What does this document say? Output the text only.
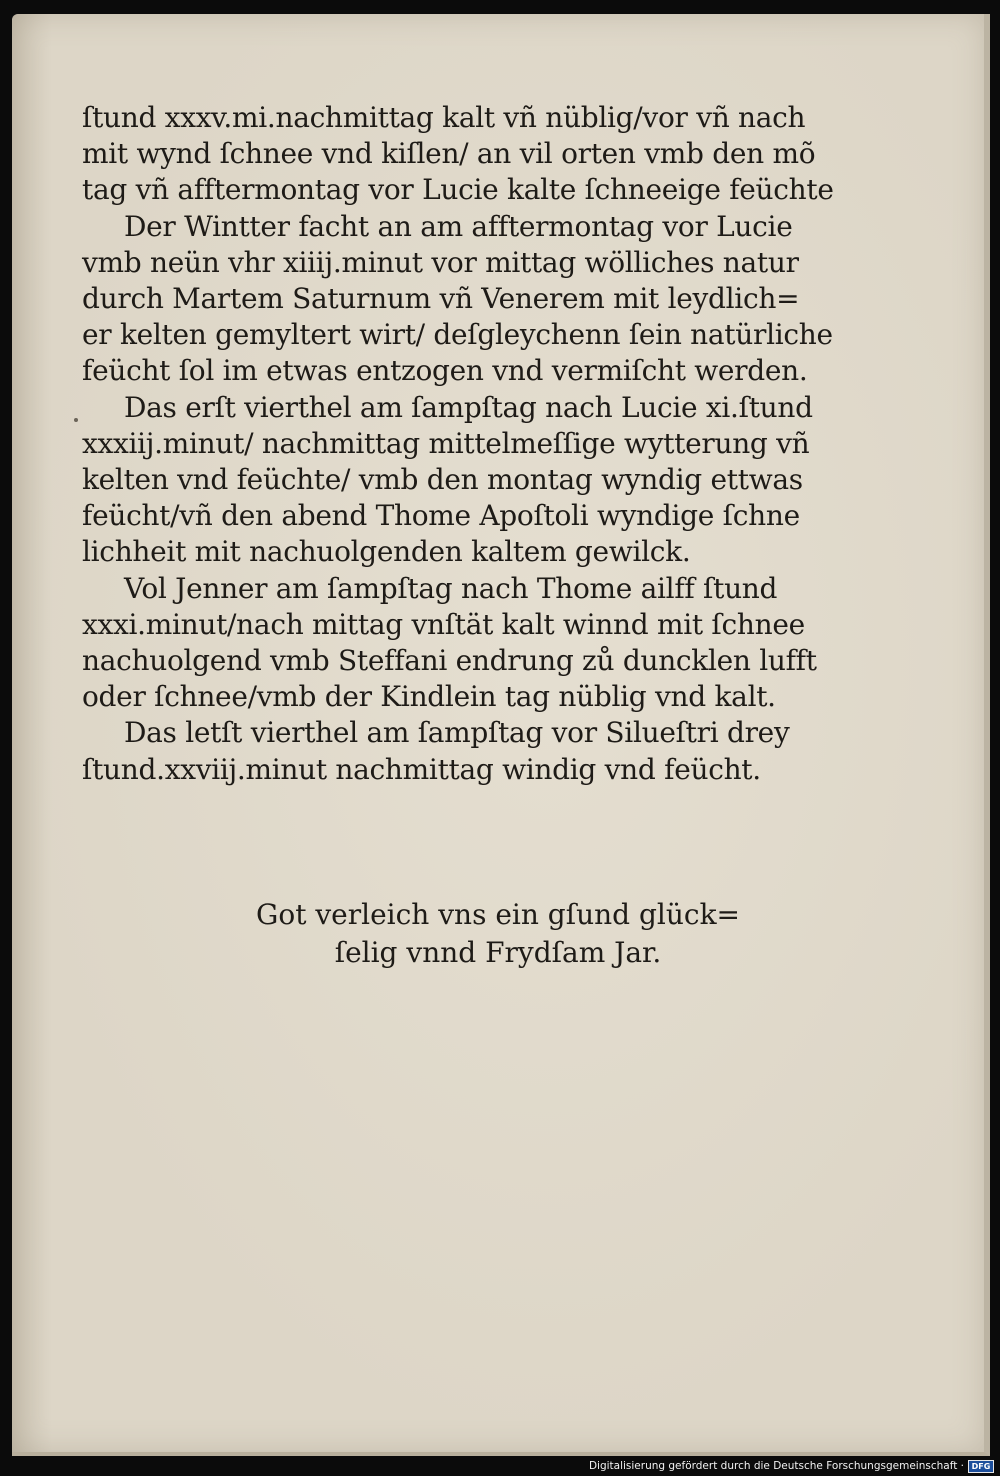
ſtund xxxv.mi.nachmittag kalt vñ nüblig/vor vñ nach
mit wynd ſchnee vnd kiſlen/ an vil orten vmb den mõ
tag vñ afftermontag vor Lucie kalte ſchneeige feüchte
Der Wintter facht an am afftermontag vor Lucie
vmb neün vhr xiiij.minut vor mittag wöllіches natur
durch Martem Saturnum vñ Venerem mit leydlich=
er kelten gemyltert wirt/ deſgleychenn ſein natürliche
feücht ſol im etwas entzogen vnd vermiſcht werden.
Das erſt vierthel am ſampſtag nach Lucie xi.ſtund
xxxiij.minut/ nachmittag mittelmeſſige wytterung vñ
kelten vnd feüchte/ vmb den montag wyndig ettwas
feücht/vñ den abend Thome Apoſtoli wyndige ſchne
lichheit mit nachuolgenden kaltem gewilck.
Vol Jenner am ſampſtag nach Thome ailff ſtund
xxxi.minut/nach mittag vnſtät kalt winnd mit ſchnee
nachuolgend vmb Steffani endrung zů duncklen lufft
oder ſchnee/vmb der Kindlein tag nüblig vnd kalt.
Das letſt vierthel am ſampſtag vor Silueſtri drey
ſtund.xxviij.minut nachmittag windig vnd feücht.
Got verleich vns ein gſund glück=
ſelig vnnd Frydſam Jar.
Digitalisierung gefördert durch die Deutsche Forschungsgemeinschaft · DFG
